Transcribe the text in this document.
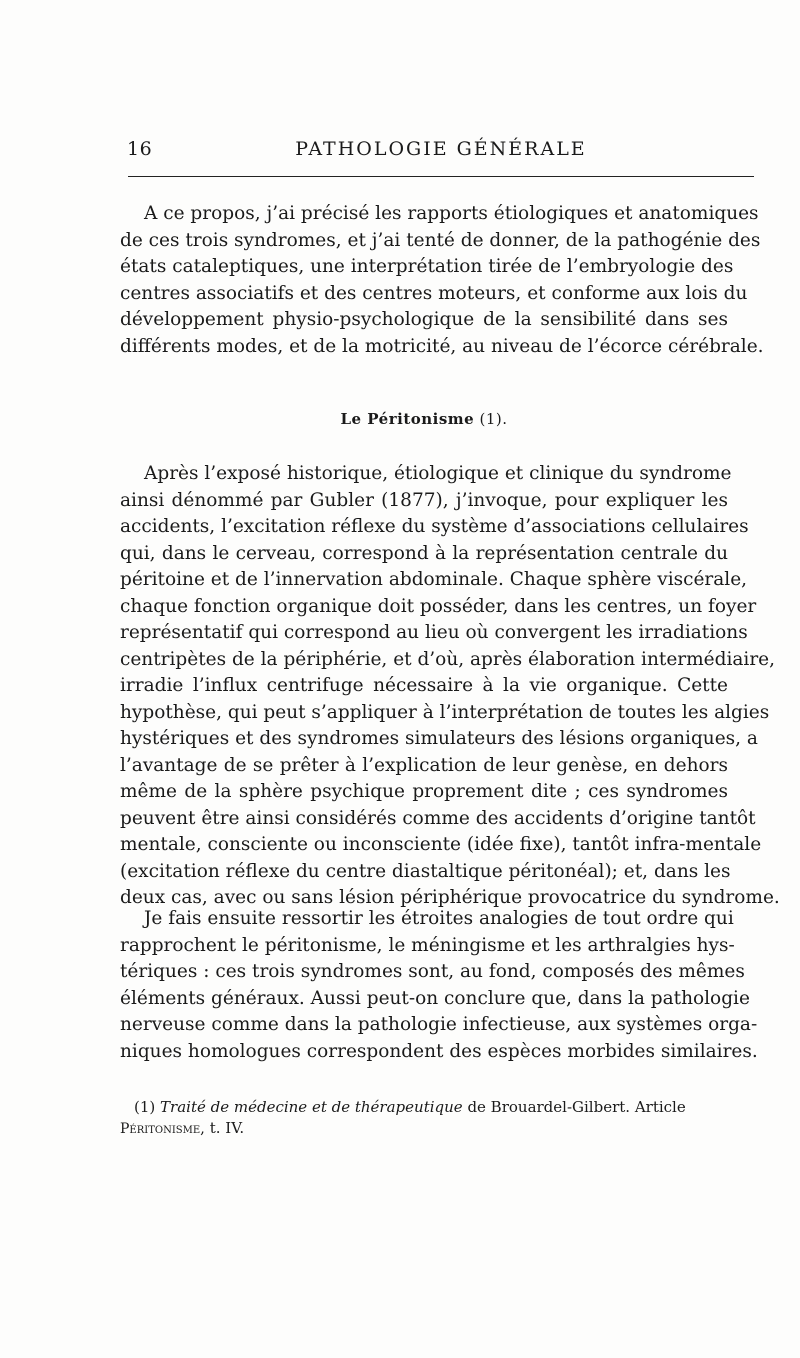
16	PATHOLOGIE GÉNÉRALE
A ce propos, j’ai précisé les rapports étiologiques et anatomiques
de ces trois syndromes, et j’ai tenté de donner, de la pathogénie des
états cataleptiques, une interprétation tirée de l’embryologie des
centres associatifs et des centres moteurs, et conforme aux lois du
développement physio-psychologique de la sensibilité dans ses
différents modes, et de la motricité, au niveau de l’écorce cérébrale.
Le Péritonisme (1).
Après l’exposé historique, étiologique et clinique du syndrome
ainsi dénommé par Gubler (1877), j’invoque, pour expliquer les
accidents, l’excitation réflexe du système d’associations cellulaires
qui, dans le cerveau, correspond à la représentation centrale du
péritoine et de l’innervation abdominale. Chaque sphère viscérale,
chaque fonction organique doit posséder, dans les centres, un foyer
représentatif qui correspond au lieu où convergent les irradiations
centripètes de la périphérie, et d’où, après élaboration intermédiaire,
irradie l’influx centrifuge nécessaire à la vie organique. Cette
hypothèse, qui peut s’appliquer à l’interprétation de toutes les algies
hystériques et des syndromes simulateurs des lésions organiques, a
l’avantage de se prêter à l’explication de leur genèse, en dehors
même de la sphère psychique proprement dite ; ces syndromes
peuvent être ainsi considérés comme des accidents d’origine tantôt
mentale, consciente ou inconsciente (idée fixe), tantôt infra-mentale
(excitation réflexe du centre diastaltique péritonéal); et, dans les
deux cas, avec ou sans lésion périphérique provocatrice du syndrome.
Je fais ensuite ressortir les étroites analogies de tout ordre qui
rapprochent le péritonisme, le méningisme et les arthralgies hys-
tériques : ces trois syndromes sont, au fond, composés des mêmes
éléments généraux. Aussi peut-on conclure que, dans la pathologie
nerveuse comme dans la pathologie infectieuse, aux systèmes orga-
niques homologues correspondent des espèces morbides similaires.
(1) Traité de médecine et de thérapeutique de Brouardel-Gilbert. Article Péritonisme, t. IV.
